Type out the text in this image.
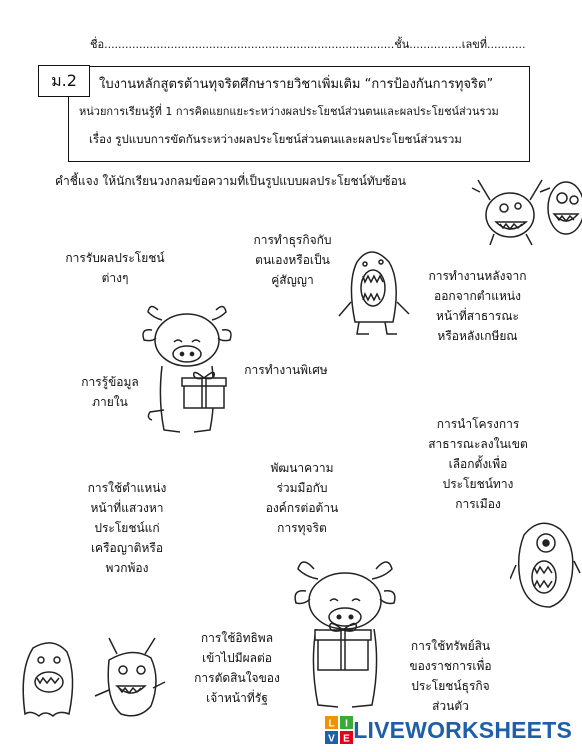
ชื่อ...................................................................................ชั้น...............เลขที่...........
ใบงานหลักสูตรต้านทุจริตศึกษารายวิชาเพิ่มเติม “การป้องกันการทุจริต”
หน่วยการเรียนรู้ที่ 1 การคิดแยกแยะระหว่างผลประโยชน์ส่วนตนและผลประโยชน์ส่วนรวม
เรื่อง รูปแบบการขัดกันระหว่างผลประโยชน์ส่วนตนและผลประโยชน์ส่วนรวม
ม.2
คำชี้แจง ให้นักเรียนวงกลมข้อความที่เป็นรูปแบบผลประโยชน์ทับซ้อน
การรับผลประโยชน์
ต่างๆ
การทำธุรกิจกับ
ตนเองหรือเป็น
คู่สัญญา	การทำงานหลังจาก
ออกจากตำแหน่ง
หน้าที่สาธารณะ
หรือหลังเกษียณ
การทำงานพิเศษ
การรู้ข้อมูล
ภายใน
การนำโครงการ
สาธารณะลงในเขต
เลือกตั้งเพื่อ
ประโยชน์ทาง
การเมือง
พัฒนาความ
ร่วมมือกับ
องค์กรต่อต้าน
การทุจริต
การใช้ตำแหน่ง
หน้าที่แสวงหา
ประโยชน์แก่
เครือญาติหรือ
พวกพ้อง
การใช้อิทธิพล
เข้าไปมีผลต่อ
การตัดสินใจของ
เจ้าหน้าที่รัฐ
การใช้ทรัพย์สิน
ของราชการเพื่อ
ประโยชน์ธุรกิจ
ส่วนตัว
L I
V E LIVEWORKSHEETS
